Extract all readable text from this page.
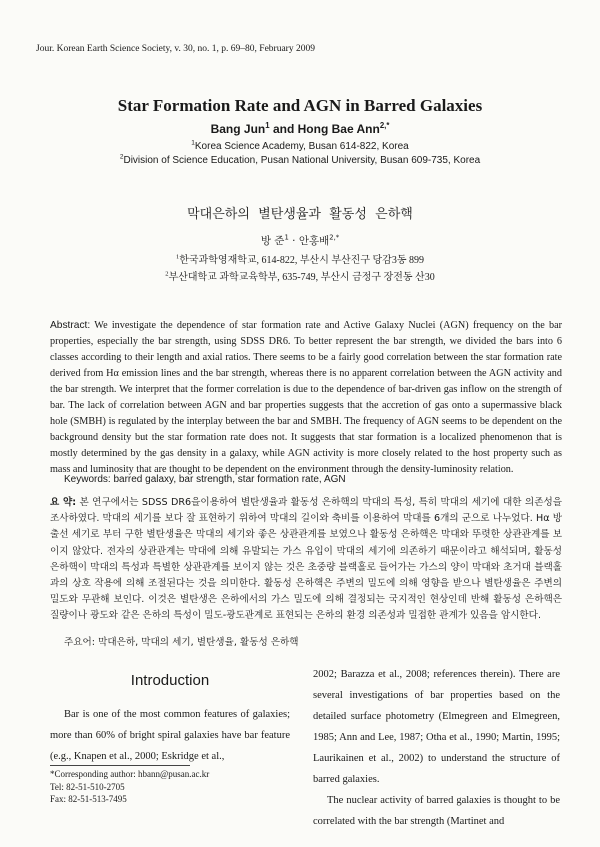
Jour. Korean Earth Science Society, v. 30, no. 1, p. 69–80, February 2009
Star Formation Rate and AGN in Barred Galaxies
Bang Jun$^1$ and Hong Bae Ann$^{2,*}$
$^1$Korea Science Academy, Busan 614-822, Korea
$^2$Division of Science Education, Pusan National University, Busan 609-735, Korea
막대은하의  별탄생율과  활동성  은하핵
방 준$^1$ · 안홍배$^{2,*}$
$^1$한국과학영재학교, 614-822, 부산시 부산진구 당감3동 899
$^2$부산대학교 과학교육학부, 635-749, 부산시 금정구 장전동 산30
Abstract: We investigate the dependence of star formation rate and Active Galaxy Nuclei (AGN) frequency on the bar properties, especially the bar strength, using SDSS DR6. To better represent the bar strength, we divided the bars into 6 classes according to their length and axial ratios. There seems to be a fairly good correlation between the star formation rate derived from Hα emission lines and the bar strength, whereas there is no apparent correlation between the AGN activity and the bar strength. We interpret that the former correlation is due to the dependence of bar-driven gas inflow on the strength of bar. The lack of correlation between AGN and bar properties suggests that the accretion of gas onto a supermassive black hole (SMBH) is regulated by the interplay between the bar and SMBH. The frequency of AGN seems to be dependent on the background density but the star formation rate does not. It suggests that star formation is a localized phenomenon that is mostly determined by the gas density in a galaxy, while AGN activity is more closely related to the host property such as mass and luminosity that are thought to be dependent on the environment through the density-luminosity relation.
Keywords: barred galaxy, bar strength, star formation rate, AGN
요 약: 본 연구에서는 SDSS DR6을이용하여 별탄생율과 활동성 은하핵의 막대의 특성, 특히 막대의 세기에 대한 의존성을 조사하였다. 막대의 세기를 보다 잘 표현하기 위하여 막대의 길이와 축비를 이용하여 막대를 6개의 군으로 나누었다. Hα 방출선 세기로 부터 구한 별탄생율은 막대의 세기와 좋은 상관관계를 보였으나 활동성 은하핵은 막대와 뚜렷한 상관관계를 보이지 않았다. 전자의 상관관계는 막대에 의해 유발되는 가스 유입이 막대의 세기에 의존하기 때문이라고 해석되며, 활동성 은하핵이 막대의 특성과 특별한 상관관계를 보이지 않는 것은 초중량 블랙홀로 들어가는 가스의 양이 막대와 초거대 블랙홀과의 상호 작용에 의해 조절된다는 것을 의미한다. 활동성 은하핵은 주변의 밀도에 의해 영향을 받으나 별탄생율은 주변의 밀도와 무관해 보인다. 이것은 별탄생은 은하에서의 가스 밀도에 의해 결정되는 국지적인 현상인데 반해 활동성 은하핵은 질량이나 광도와 같은 은하의 특성이 밀도-광도관계로 표현되는 은하의 환경 의존성과 밀접한 관계가 있음을 암시한다.
주요어: 막대은하, 막대의 세기, 별탄생율, 활동성 은하핵
Introduction

Bar is one of the most common features of galaxies; more than 60% of bright spiral galaxies have bar feature (e.g., Knapen et al., 2000; Eskridge et al.,

*Corresponding author: hbann@pusan.ac.kr
Tel: 82-51-510-2705
Fax: 82-51-513-7495

2002; Barazza et al., 2008; references therein). There are several investigations of bar properties based on the detailed surface photometry (Elmegreen and Elmegreen, 1985; Ann and Lee, 1987; Otha et al., 1990; Martin, 1995; Laurikainen et al., 2002) to understand the structure of barred galaxies.

The nuclear activity of barred galaxies is thought to be correlated with the bar strength (Martinet and
